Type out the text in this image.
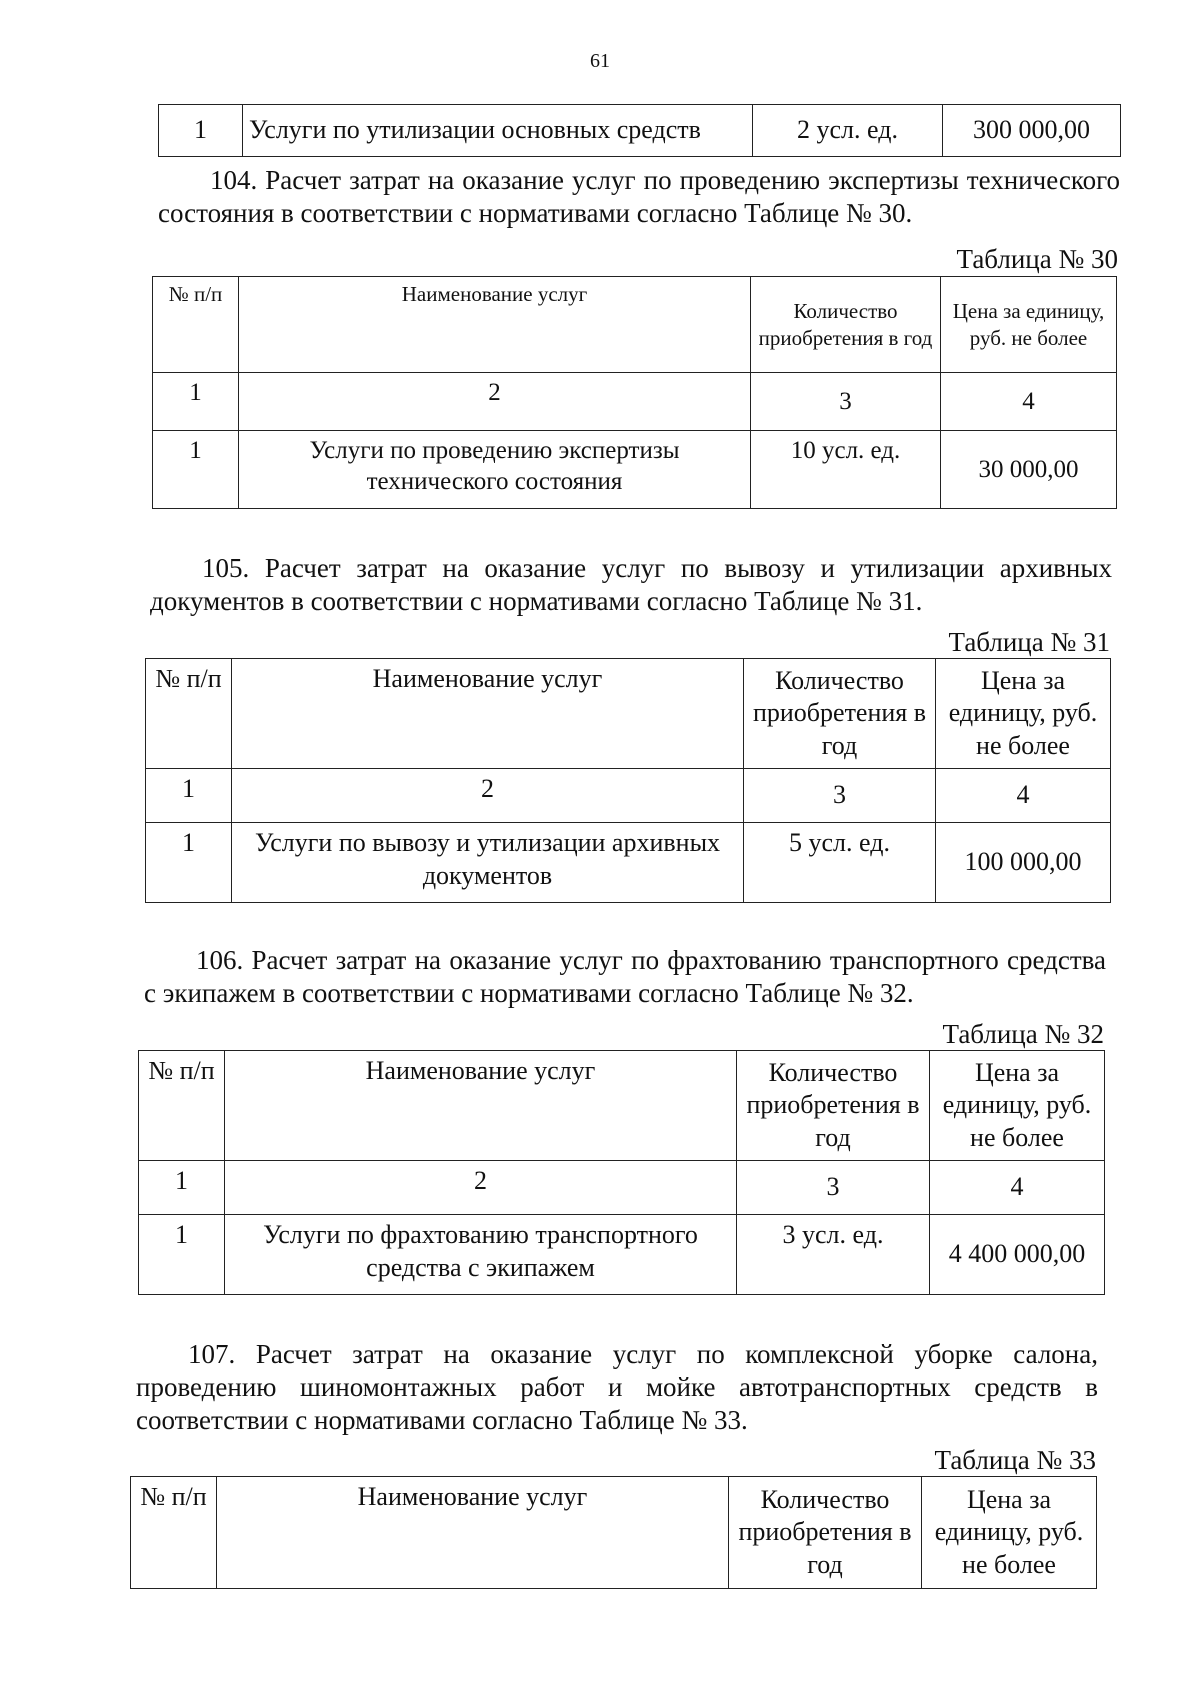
61
1	Услуги по утилизации основных средств	2 усл. ед.	300 000,00
104. Расчет затрат на оказание услуг по проведению экспертизы технического состояния в соответствии с нормативами согласно Таблице № 30.
Таблица № 30
№ п/п	Наименование услуг	Количество приобретения в год	Цена за единицу, руб. не более
1	2	3	4
1	Услуги по проведению экспертизы технического состояния	10 усл. ед.	30 000,00
105. Расчет затрат на оказание услуг по вывозу и утилизации архивных документов в соответствии с нормативами согласно Таблице № 31.
Таблица № 31
№ п/п	Наименование услуг	Количество приобретения в год	Цена за единицу, руб. не более
1	2	3	4
1	Услуги по вывозу и утилизации архивных документов	5 усл. ед.	100 000,00
106. Расчет затрат на оказание услуг по фрахтованию транспортного средства с экипажем в соответствии с нормативами согласно Таблице № 32.
Таблица № 32
№ п/п	Наименование услуг	Количество приобретения в год	Цена за единицу, руб. не более
1	2	3	4
1	Услуги по фрахтованию транспортного средства с экипажем	3 усл. ед.	4 400 000,00
107. Расчет затрат на оказание услуг по комплексной уборке салона, проведению шиномонтажных работ и мойке автотранспортных средств в соответствии с нормативами согласно Таблице № 33.
Таблица № 33
№ п/п	Наименование услуг	Количество приобретения в год	Цена за единицу, руб. не более
